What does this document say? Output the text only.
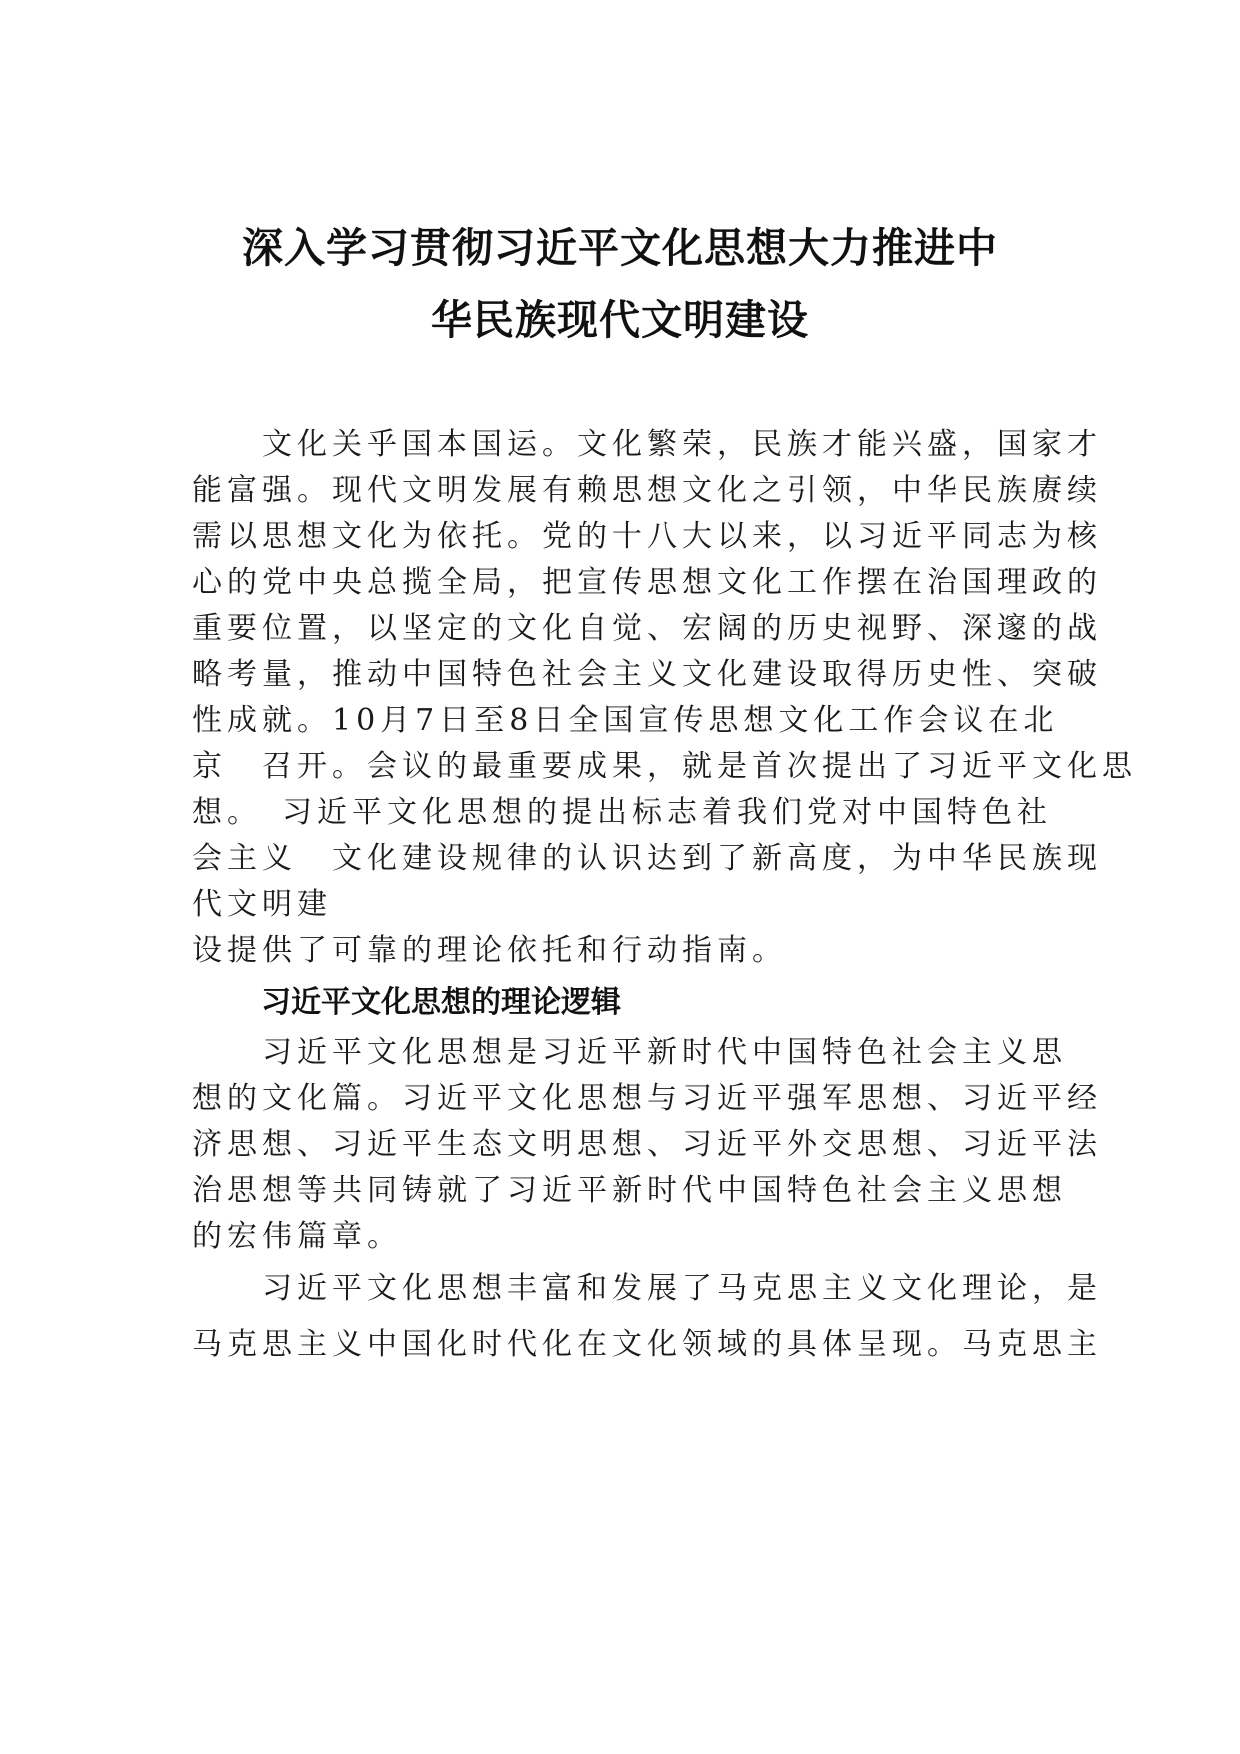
深入学习贯彻习近平文化思想大力推进中
华民族现代文明建设

　　文化关乎国本国运。文化繁荣，民族才能兴盛，国家才

能富强。现代文明发展有赖思想文化之引领，中华民族赓续

需以思想文化为依托。党的十八大以来，以习近平同志为核

心的党中央总揽全局，把宣传思想文化工作摆在治国理政的

重要位置，以坚定的文化自觉、宏阔的历史视野、深邃的战

略考量，推动中国特色社会主义文化建设取得历史性、突破

性成就。10月7日至8日全国宣传思想文化工作会议在北

京　召开。会议的最重要成果，就是首次提出了习近平文化思

想。　习近平文化思想的提出标志着我们党对中国特色社

会主义　文化建设规律的认识达到了新高度，为中华民族现

代文明建

设提供了可靠的理论依托和行动指南。

习近平文化思想的理论逻辑

　　习近平文化思想是习近平新时代中国特色社会主义思

想的文化篇。习近平文化思想与习近平强军思想、习近平经

济思想、习近平生态文明思想、习近平外交思想、习近平法

治思想等共同铸就了习近平新时代中国特色社会主义思想

的宏伟篇章。

　　习近平文化思想丰富和发展了马克思主义文化理论，是

马克思主义中国化时代化在文化领域的具体呈现。马克思主
